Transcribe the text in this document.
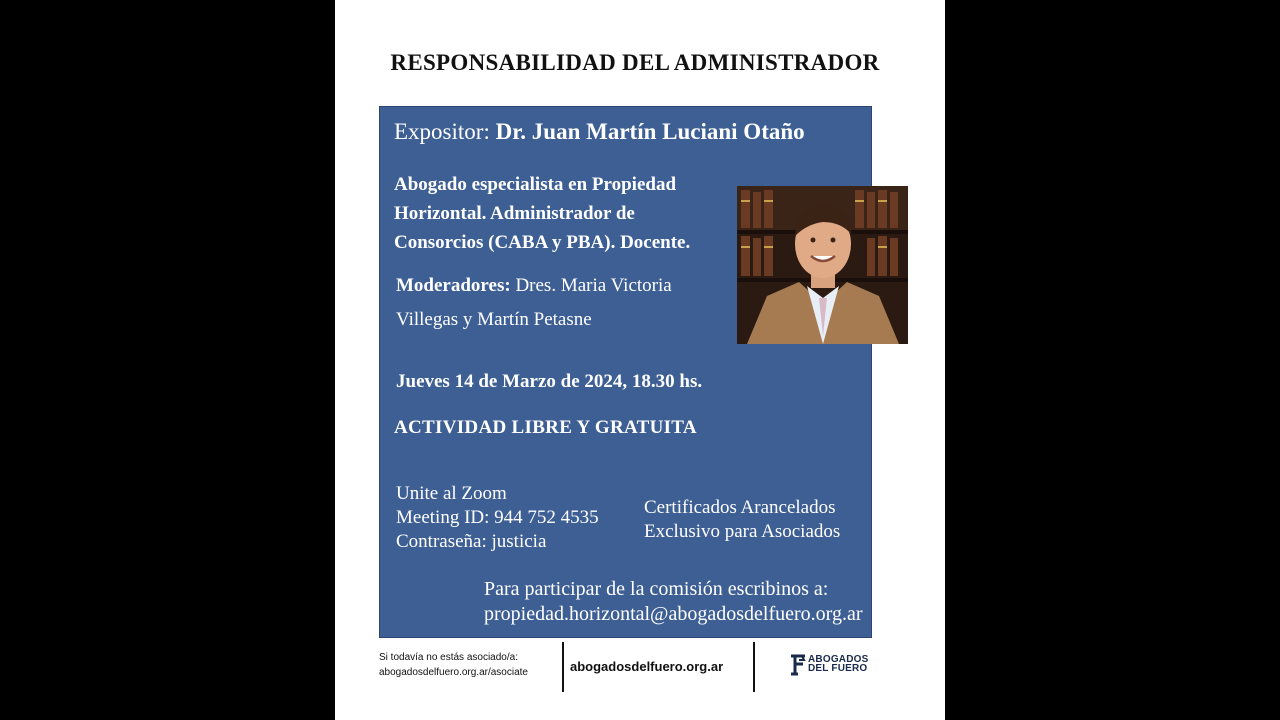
RESPONSABILIDAD DEL ADMINISTRADOR
Expositor: Dr. Juan Martín Luciani Otaño
Abogado especialista en Propiedad Horizontal. Administrador de Consorcios (CABA y PBA). Docente.
Moderadores: Dres. Maria Victoria Villegas y Martín Petasne
Jueves 14 de Marzo de 2024, 18.30 hs.
ACTIVIDAD LIBRE Y GRATUITA
Unite al Zoom
Meeting ID: 944 752 4535
Contraseña: justicia
Certificados Arancelados
Exclusivo para Asociados
Para participar de la comisión escribinos a:
propiedad.horizontal@abogadosdelfuero.org.ar
Si todavía no estás asociado/a:
abogadosdelfuero.org.ar/asociate	abogadosdelfuero.org.ar	ABOGADOS
DEL FUERO
